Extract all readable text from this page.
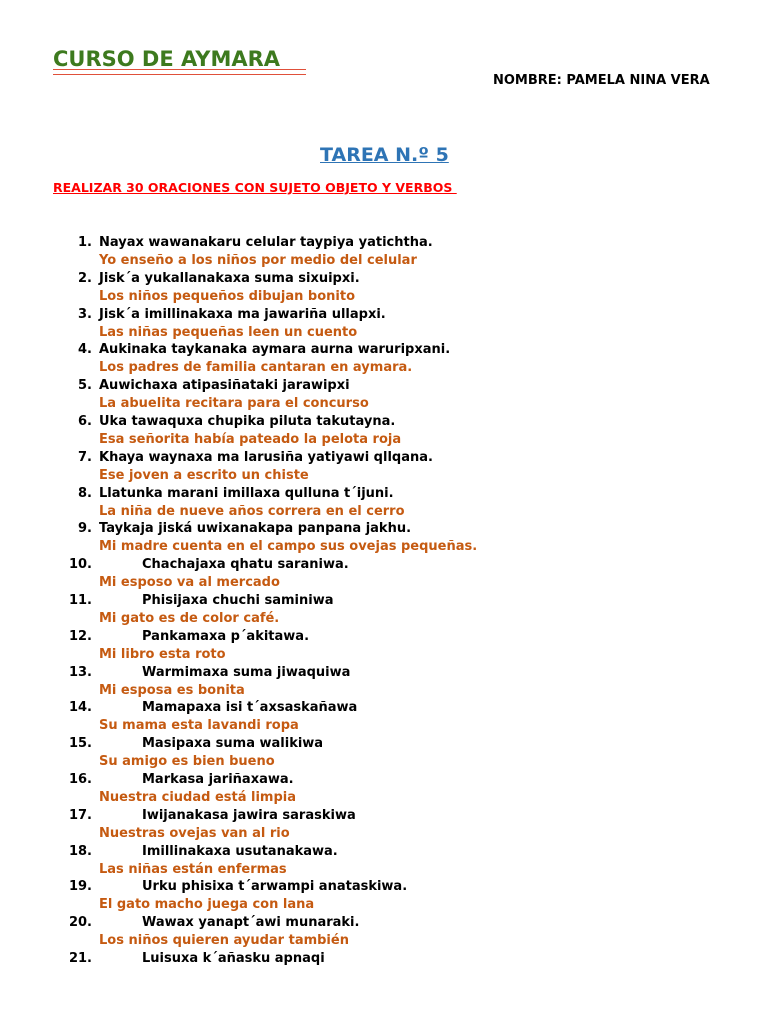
CURSO DE AYMARA
NOMBRE: PAMELA NINA VERA
TAREA N.º 5
REALIZAR 30 ORACIONES CON SUJETO OBJETO Y VERBOS
1. Nayax wawanakaru celular taypiya yatichtha.
Yo enseño a los niños por medio del celular
2. Jisk´a yukallanakaxa suma sixuipxi.
Los niños pequeños dibujan bonito
3. Jisk´a imillinakaxa ma jawariña ullapxi.
Las niñas pequeñas leen un cuento
4. Aukinaka taykanaka aymara aurna waruripxani.
Los padres de familia cantaran en aymara.
5. Auwichaxa atipasiñataki jarawipxi
La abuelita recitara para el concurso
6. Uka tawaquxa chupika piluta takutayna.
Esa señorita había pateado la pelota roja
7. Khaya waynaxa ma larusiña yatiyawi qllqana.
Ese joven a escrito un chiste
8. Llatunka marani imillaxa qulluna t´ijuni.
La niña de nueve años correra en el cerro
9. Taykaja jiská uwixanakapa panpana jakhu.
Mi madre cuenta en el campo sus ovejas pequeñas.
10.	Chachajaxa qhatu saraniwa.
Mi esposo va al mercado
11.	Phisijaxa chuchi saminiwa
Mi gato es de color café.
12.	Pankamaxa p´akitawa.
Mi libro esta roto
13.	Warmimaxa suma jiwaquiwa
Mi esposa es bonita
14.	Mamapaxa isi t´axsaskañawa
Su mama esta lavandi ropa
15.	Masipaxa suma walikiwa
Su amigo es bien bueno
16.	Markasa jariñaxawa.
Nuestra ciudad está limpia
17.	Iwijanakasa jawira saraskiwa
Nuestras ovejas van al rio
18.	Imillinakaxa usutanakawa.
Las niñas están enfermas
19.	Urku phisixa t´arwampi anataskiwa.
El gato macho juega con lana
20.	Wawax yanapt´awi munaraki.
Los niños quieren ayudar también
21.	Luisuxa k´añasku apnaqi
